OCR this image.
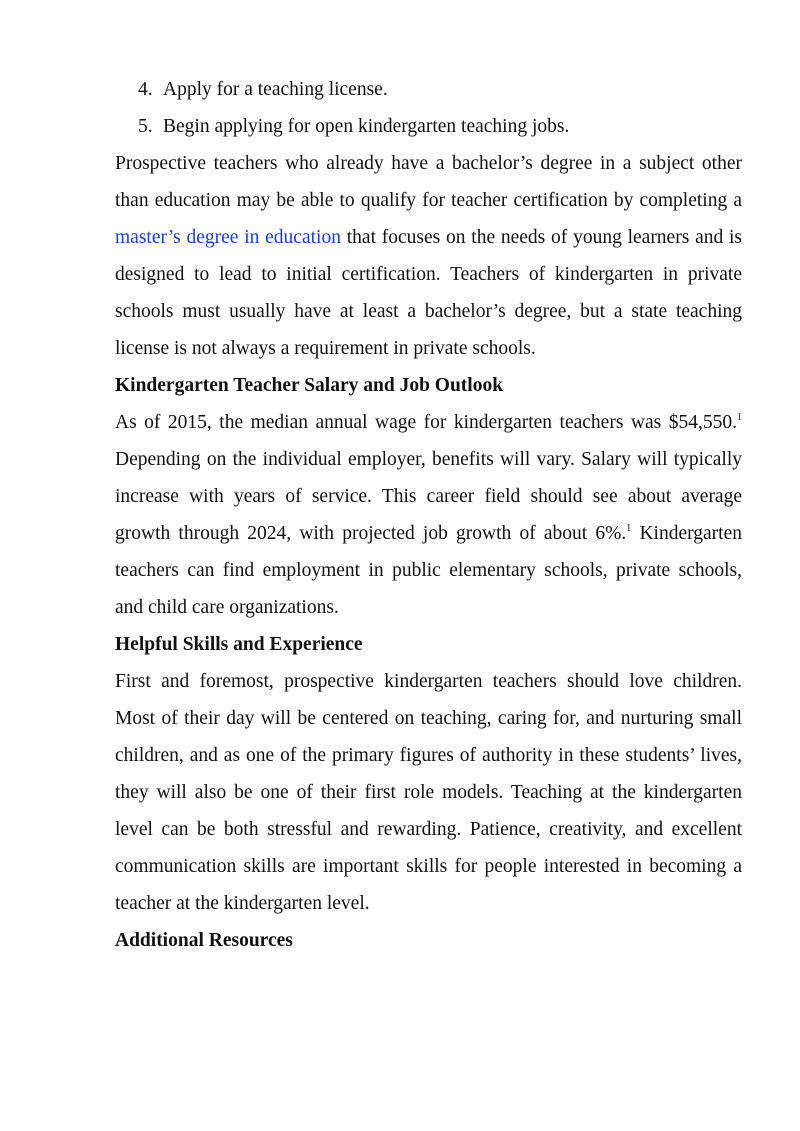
4. Apply for a teaching license.
5. Begin applying for open kindergarten teaching jobs.

Prospective teachers who already have a bachelor’s degree in a subject other than education may be able to qualify for teacher certification by completing a master’s degree in education that focuses on the needs of young learners and is designed to lead to initial certification. Teachers of kindergarten in private schools must usually have at least a bachelor’s degree, but a state teaching license is not always a requirement in private schools.

Kindergarten Teacher Salary and Job Outlook

As of 2015, the median annual wage for kindergarten teachers was $54,550.$^1$ Depending on the individual employer, benefits will vary. Salary will typically increase with years of service. This career field should see about average growth through 2024, with projected job growth of about 6%.$^1$ Kindergarten teachers can find employment in public elementary schools, private schools, and child care organizations.

Helpful Skills and Experience

First and foremost, prospective kindergarten teachers should love children. Most of their day will be centered on teaching, caring for, and nurturing small children, and as one of the primary figures of authority in these students’ lives, they will also be one of their first role models. Teaching at the kindergarten level can be both stressful and rewarding. Patience, creativity, and excellent communication skills are important skills for people interested in becoming a teacher at the kindergarten level.

Additional Resources
